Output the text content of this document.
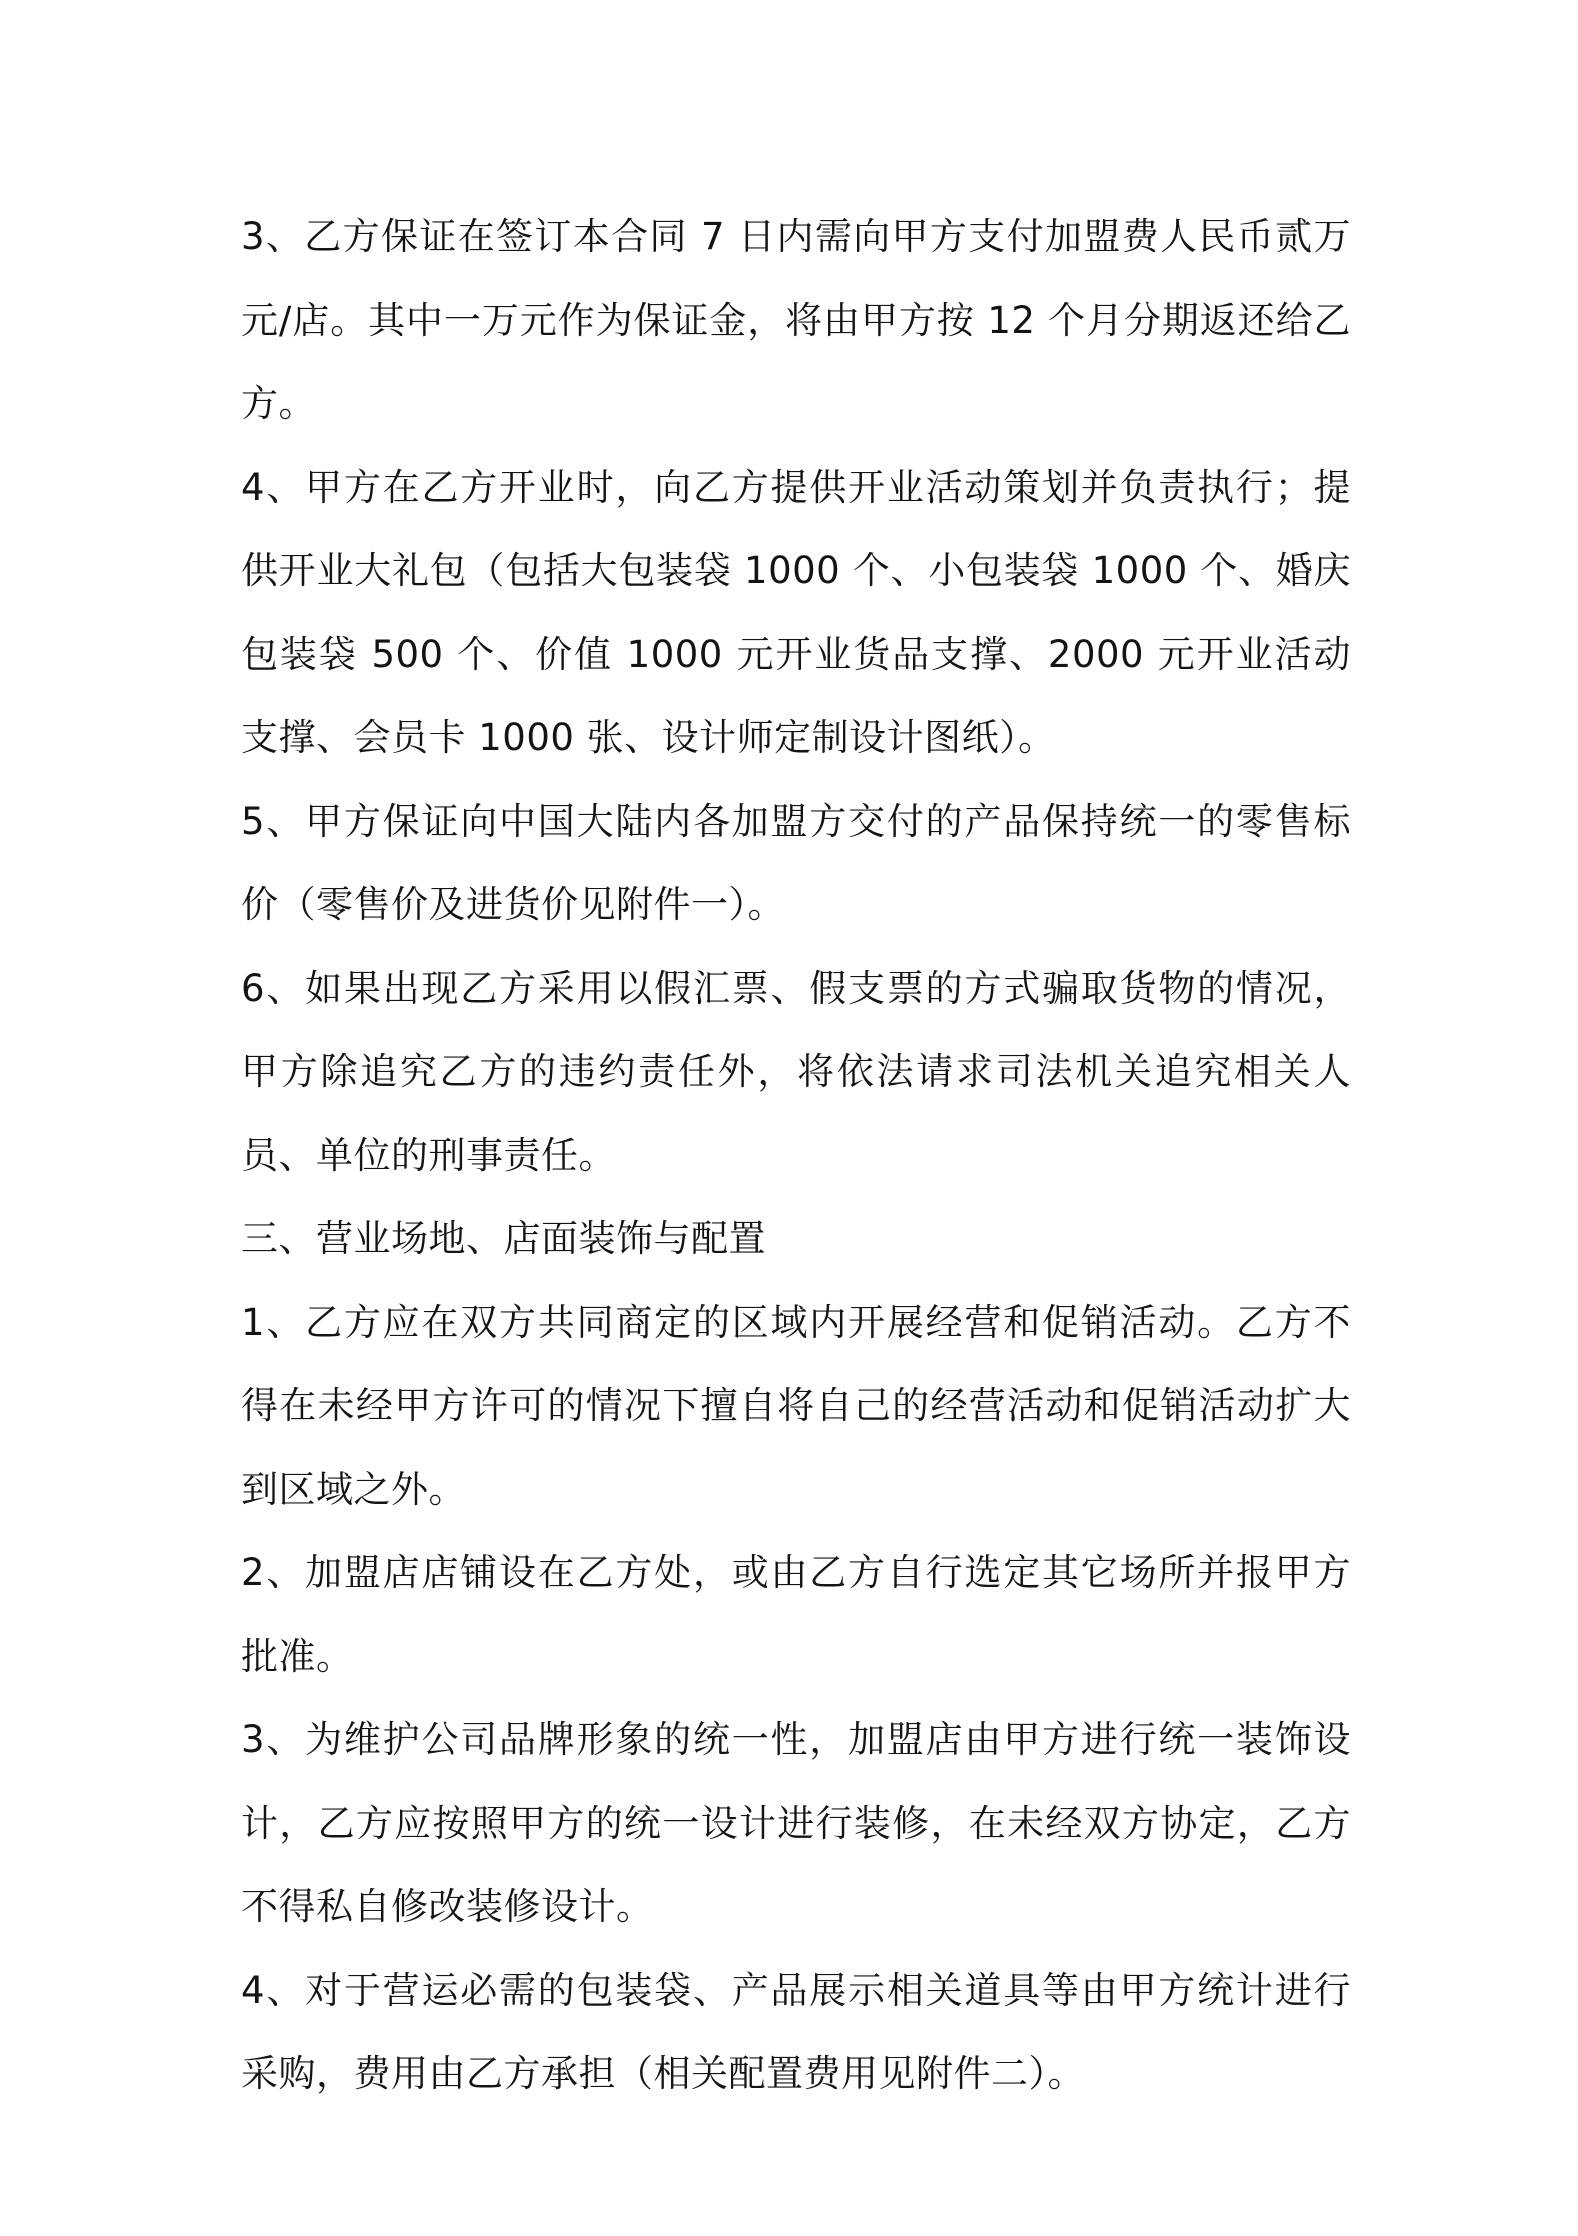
3、乙方保证在签订本合同 7 日内需向甲方支付加盟费人民币贰万元/店。其中一万元作为保证金，将由甲方按 12 个月分期返还给乙方。

4、甲方在乙方开业时，向乙方提供开业活动策划并负责执行；提供开业大礼包（包括大包装袋 1000 个、小包装袋 1000 个、婚庆包装袋 500 个、价值 1000 元开业货品支撑、2000 元开业活动支撑、会员卡 1000 张、设计师定制设计图纸）。

5、甲方保证向中国大陆内各加盟方交付的产品保持统一的零售标价（零售价及进货价见附件一）。

6、如果出现乙方采用以假汇票、假支票的方式骗取货物的情况，甲方除追究乙方的违约责任外，将依法请求司法机关追究相关人员、单位的刑事责任。

三、营业场地、店面装饰与配置

1、乙方应在双方共同商定的区域内开展经营和促销活动。乙方不得在未经甲方许可的情况下擅自将自己的经营活动和促销活动扩大到区域之外。

2、加盟店店铺设在乙方处，或由乙方自行选定其它场所并报甲方批准。

3、为维护公司品牌形象的统一性，加盟店由甲方进行统一装饰设计，乙方应按照甲方的统一设计进行装修，在未经双方协定，乙方不得私自修改装修设计。

4、对于营运必需的包装袋、产品展示相关道具等由甲方统计进行采购，费用由乙方承担（相关配置费用见附件二）。
